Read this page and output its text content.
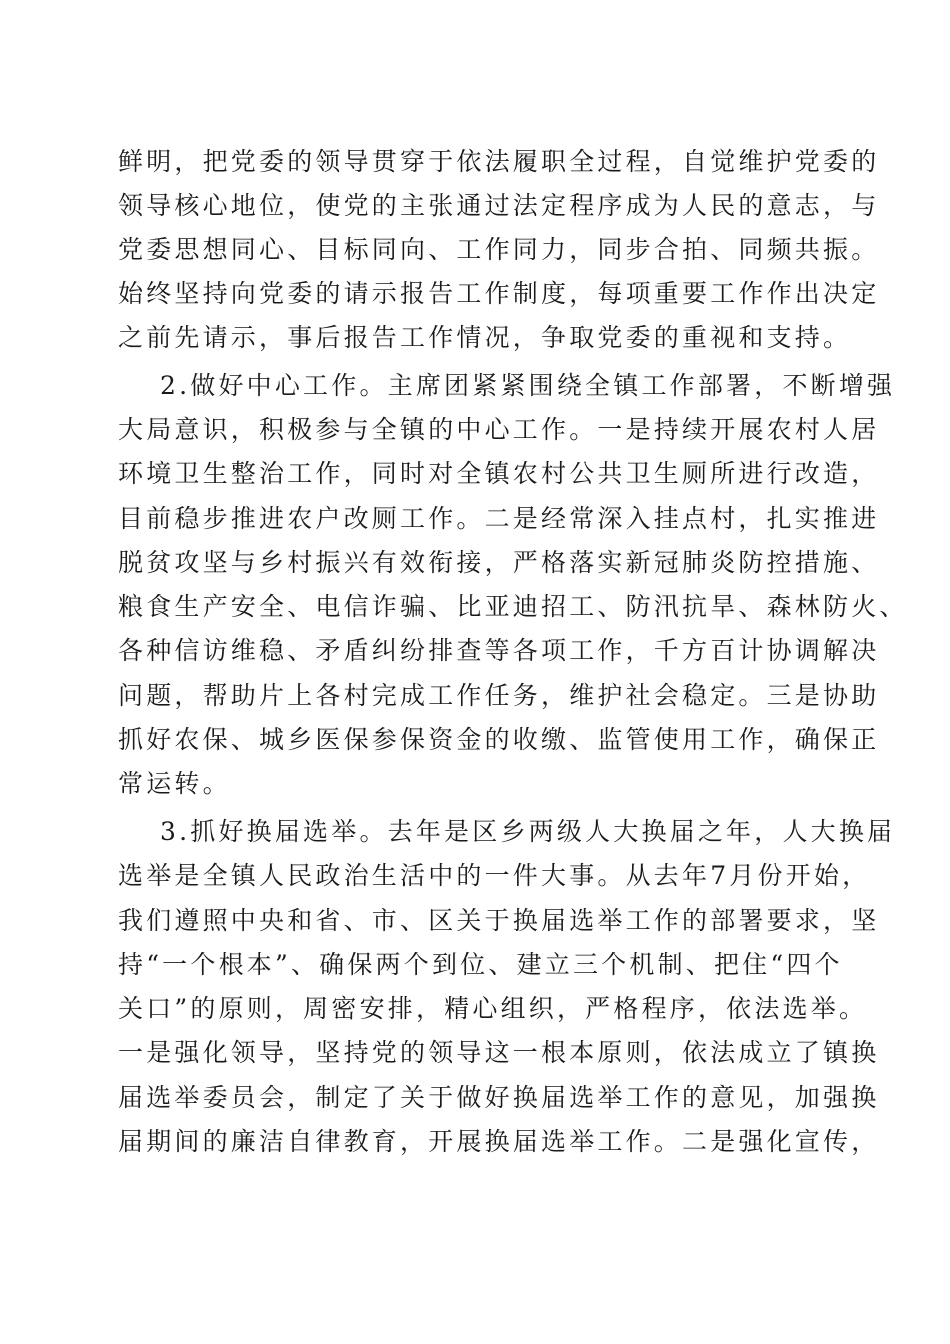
鲜明，把党委的领导贯穿于依法履职全过程，自觉维护党委的
领导核心地位，使党的主张通过法定程序成为人民的意志，与
党委思想同心、目标同向、工作同力，同步合拍、同频共振。
始终坚持向党委的请示报告工作制度，每项重要工作作出决定
之前先请示，事后报告工作情况，争取党委的重视和支持。
2.做好中心工作。主席团紧紧围绕全镇工作部署，不断增强
大局意识，积极参与全镇的中心工作。一是持续开展农村人居
环境卫生整治工作，同时对全镇农村公共卫生厕所进行改造，
目前稳步推进农户改厕工作。二是经常深入挂点村，扎实推进
脱贫攻坚与乡村振兴有效衔接，严格落实新冠肺炎防控措施、
粮食生产安全、电信诈骗、比亚迪招工、防汛抗旱、森林防火、
各种信访维稳、矛盾纠纷排查等各项工作，千方百计协调解决
问题，帮助片上各村完成工作任务，维护社会稳定。三是协助
抓好农保、城乡医保参保资金的收缴、监管使用工作，确保正
常运转。
3.抓好换届选举。去年是区乡两级人大换届之年，人大换届
选举是全镇人民政治生活中的一件大事。从去年7月份开始，
我们遵照中央和省、市、区关于换届选举工作的部署要求，坚
持“一个根本”、确保两个到位、建立三个机制、把住“四个
关口”的原则，周密安排，精心组织，严格程序，依法选举。
一是强化领导，坚持党的领导这一根本原则，依法成立了镇换
届选举委员会，制定了关于做好换届选举工作的意见，加强换
届期间的廉洁自律教育，开展换届选举工作。二是强化宣传，
